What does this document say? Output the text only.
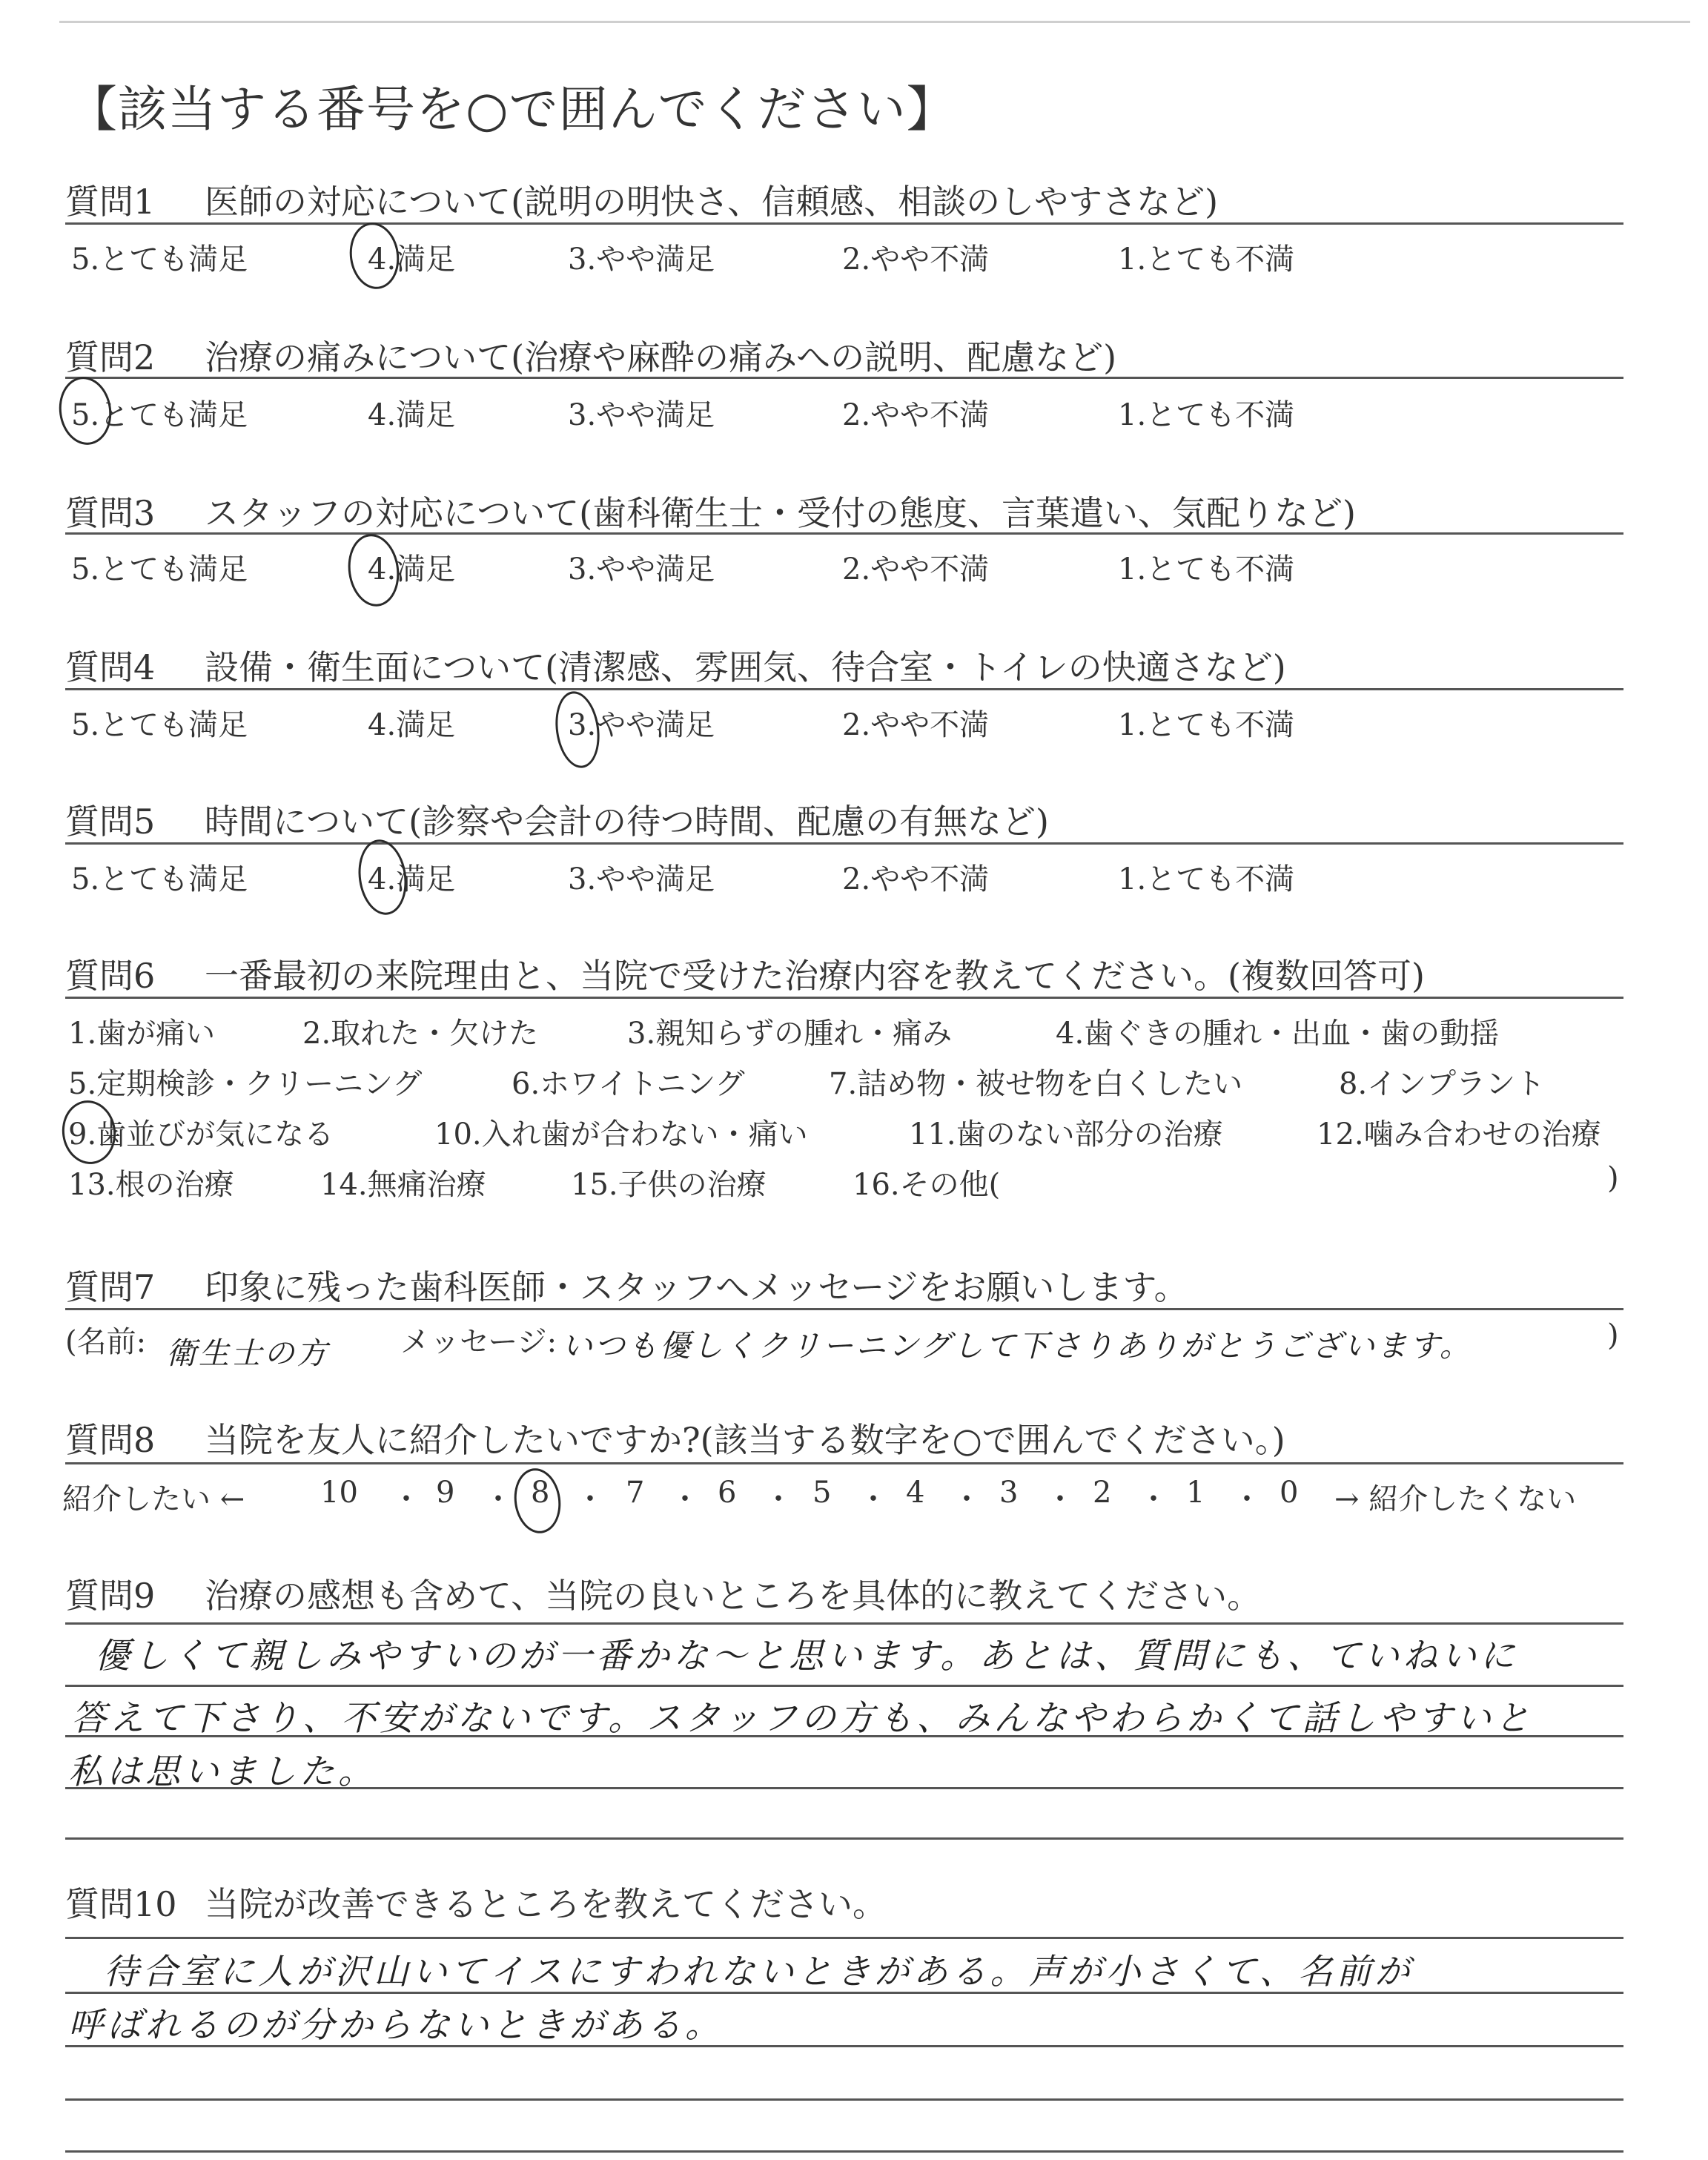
【該当する番号を○で囲んでください】
質問1 医師の対応について(説明の明快さ、信頼感、相談のしやすさなど)
5.とても満足	4.満足	3.やや満足	2.やや不満	1.とても不満
質問2 治療の痛みについて(治療や麻酔の痛みへの説明、配慮など)
5.とても満足	4.満足	3.やや満足	2.やや不満	1.とても不満
質問3 スタッフの対応について(歯科衛生士・受付の態度、言葉遣い、気配りなど)
5.とても満足	4.満足	3.やや満足	2.やや不満	1.とても不満
質問4 設備・衛生面について(清潔感、雰囲気、待合室・トイレの快適さなど)
5.とても満足	4.満足	3.やや満足	2.やや不満	1.とても不満
質問5 時間について(診察や会計の待つ時間、配慮の有無など)
5.とても満足	4.満足	3.やや満足	2.やや不満	1.とても不満
質問6 一番最初の来院理由と、当院で受けた治療内容を教えてください。(複数回答可)
1.歯が痛い	2.取れた・欠けた	3.親知らずの腫れ・痛み	4.歯ぐきの腫れ・出血・歯の動揺
5.定期検診・クリーニング	6.ホワイトニング	7.詰め物・被せ物を白くしたい	8.インプラント
9.歯並びが気になる	10.入れ歯が合わない・痛い	11.歯のない部分の治療	12.噛み合わせの治療
13.根の治療	14.無痛治療	15.子供の治療	16.その他(	)
質問7 印象に残った歯科医師・スタッフへメッセージをお願いします。
(名前: 衛生士の方 メッセージ: いつも優しくクリーニングして下さりありがとうございます。	)
質問8 当院を友人に紹介したいですか?(該当する数字を○で囲んでください。)
紹介したい ←	10 ・ 9 ・ 8 ・ 7 ・ 6 ・ 5 ・ 4 ・ 3 ・ 2 ・ 1 ・ 0 → 紹介したくない
質問9 治療の感想も含めて、当院の良いところを具体的に教えてください。
優しくて親しみやすいのが一番かな〜と思います。あとは、質問にも、ていねいに
答えて下さり、不安がないです。スタッフの方も、みんなやわらかくて話しやすいと
私は思いました。
質問10 当院が改善できるところを教えてください。
待合室に人が沢山いてイスにすわれないときがある。声が小さくて、名前が
呼ばれるのが分からないときがある。
